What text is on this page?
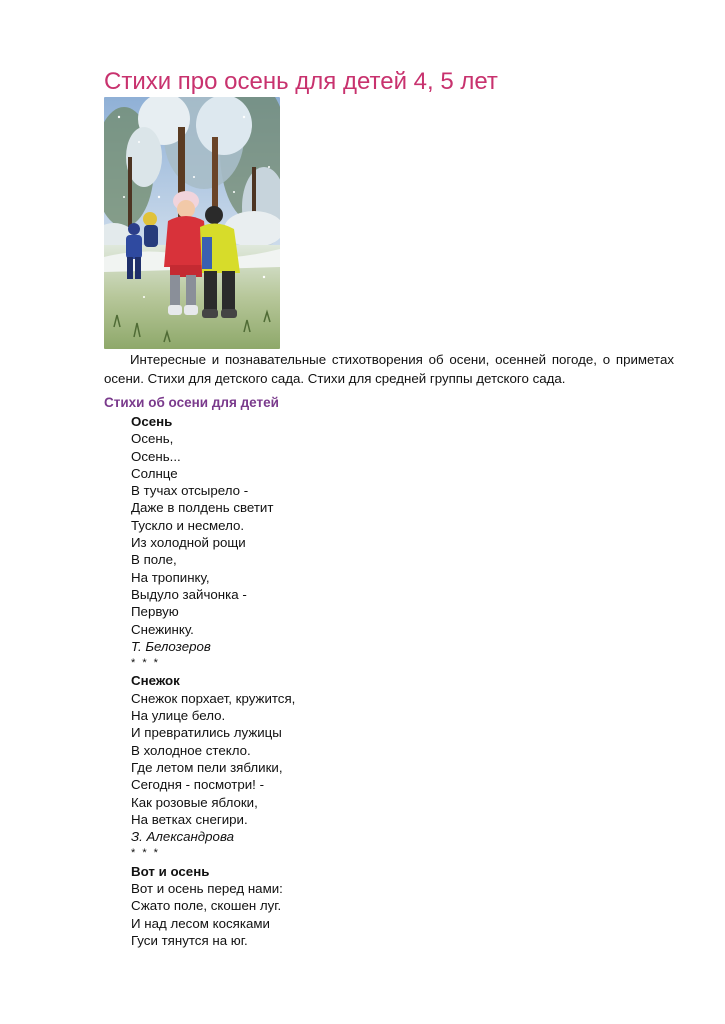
Стихи про осень для детей 4, 5 лет

Интересные и познавательные стихотворения об осени, осенней погоде, о приметах осени. Стихи для детского сада. Стихи для средней группы детского сада.

Стихи об осени для детей

Осень

Осень,
Осень...
Солнце
В тучах отсырело -
Даже в полдень светит
Тускло и несмело.
Из холодной рощи
В поле,
На тропинку,
Выдуло зайчонка -
Первую
Снежинку.

Т. Белозеров

* * *

Снежок

Снежок порхает, кружится,
На улице бело.
И превратились лужицы
В холодное стекло.
Где летом пели зяблики,
Сегодня - посмотри! -
Как розовые яблоки,
На ветках снегири.

З. Александрова

* * *

Вот и осень

Вот и осень перед нами:
Сжато поле, скошен луг.
И над лесом косяками
Гуси тянутся на юг.
